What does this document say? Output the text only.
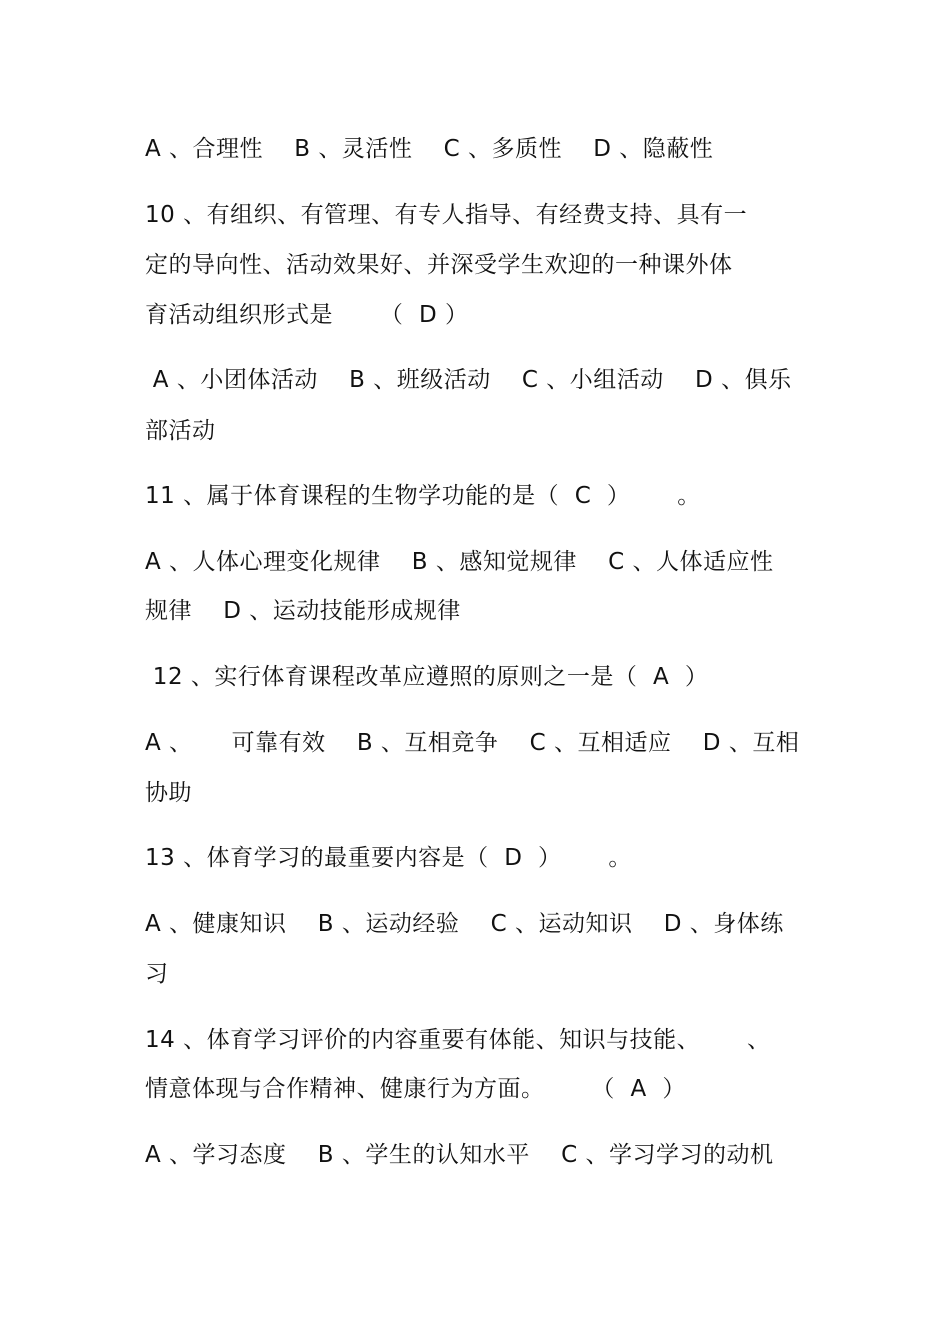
A 、合理性    B 、灵活性    C 、多质性    D 、隐蔽性
10 、有组织、有管理、有专人指导、有经费支持、具有一
定的导向性、活动效果好、并深受学生欢迎的一种课外体
育活动组织形式是      （  D ）
A 、小团体活动    B 、班级活动    C 、小组活动    D 、俱乐
部活动
11 、属于体育课程的生物学功能的是（  C  ）      。
A 、人体心理变化规律    B 、感知觉规律    C 、人体适应性
规律    D 、运动技能形成规律
12 、实行体育课程改革应遵照的原则之一是（  A  ）
A 、     可靠有效    B 、互相竞争    C 、互相适应    D 、互相
协助
13 、体育学习的最重要内容是（  D  ）      。
A 、健康知识    B 、运动经验    C 、运动知识    D 、身体练
习
14 、体育学习评价的内容重要有体能、知识与技能、      、
情意体现与合作精神、健康行为方面。      （  A  ）
A 、学习态度    B 、学生的认知水平    C 、学习学习的动机
